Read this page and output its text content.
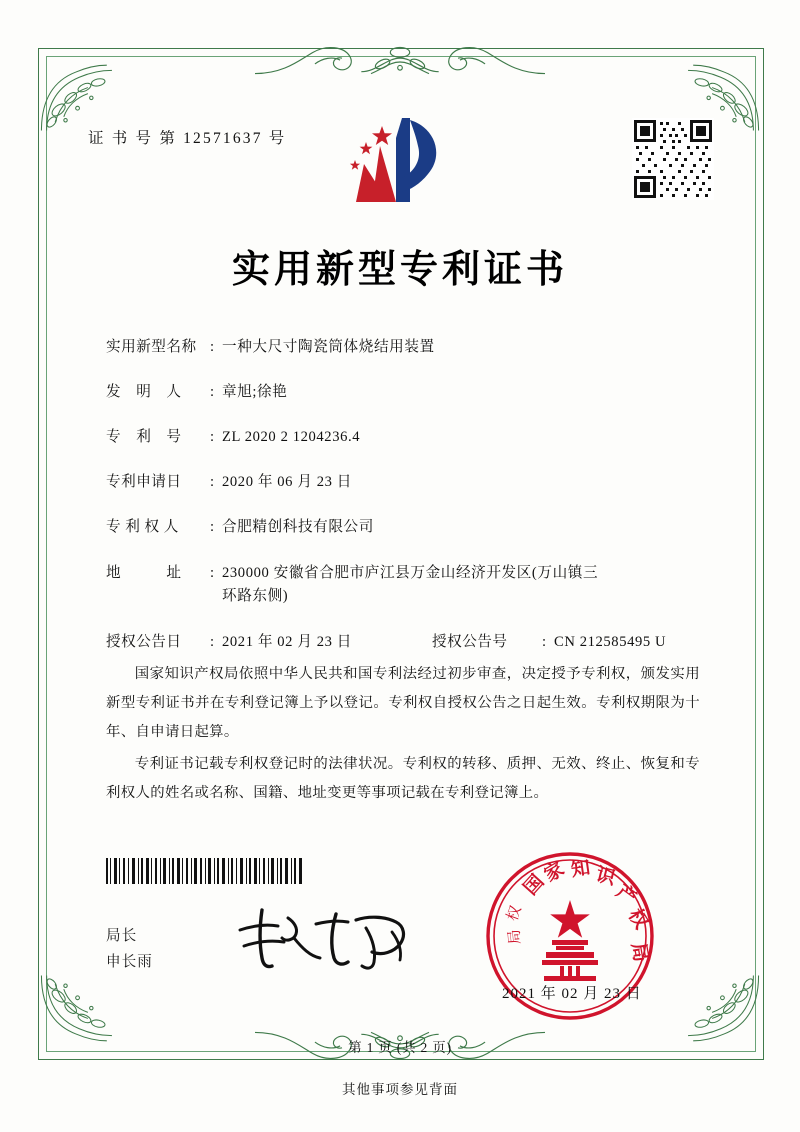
证 书 号 第 12571637 号
实用新型专利证书
实用新型名称 : 一种大尺寸陶瓷筒体烧结用装置
发　明　人	: 章旭;徐艳
专　利　号	: ZL 2020 2 1204236.4
专利申请日	: 2020 年 06 月 23 日
专 利 权 人	: 合肥精创科技有限公司
地　　　址	: 230000 安徽省合肥市庐江县万金山经济开发区(万山镇三
环路东侧)
授权公告日	: 2021 年 02 月 23 日	授权公告号	: CN 212585495 U

国家知识产权局依照中华人民共和国专利法经过初步审查，决定授予专利权，颁发实用新型专利证书并在专利登记簿上予以登记。专利权自授权公告之日起生效。专利权期限为十年、自申请日起算。

专利证书记载专利权登记时的法律状况。专利权的转移、质押、无效、终止、恢复和专利权人的姓名或名称、国籍、地址变更等事项记载在专利登记簿上。

局长
申长雨
国
家 知 识
产
权
局
局
权
2021 年 02 月 23 日
第 1 页 (共 2 页)
其他事项参见背面
